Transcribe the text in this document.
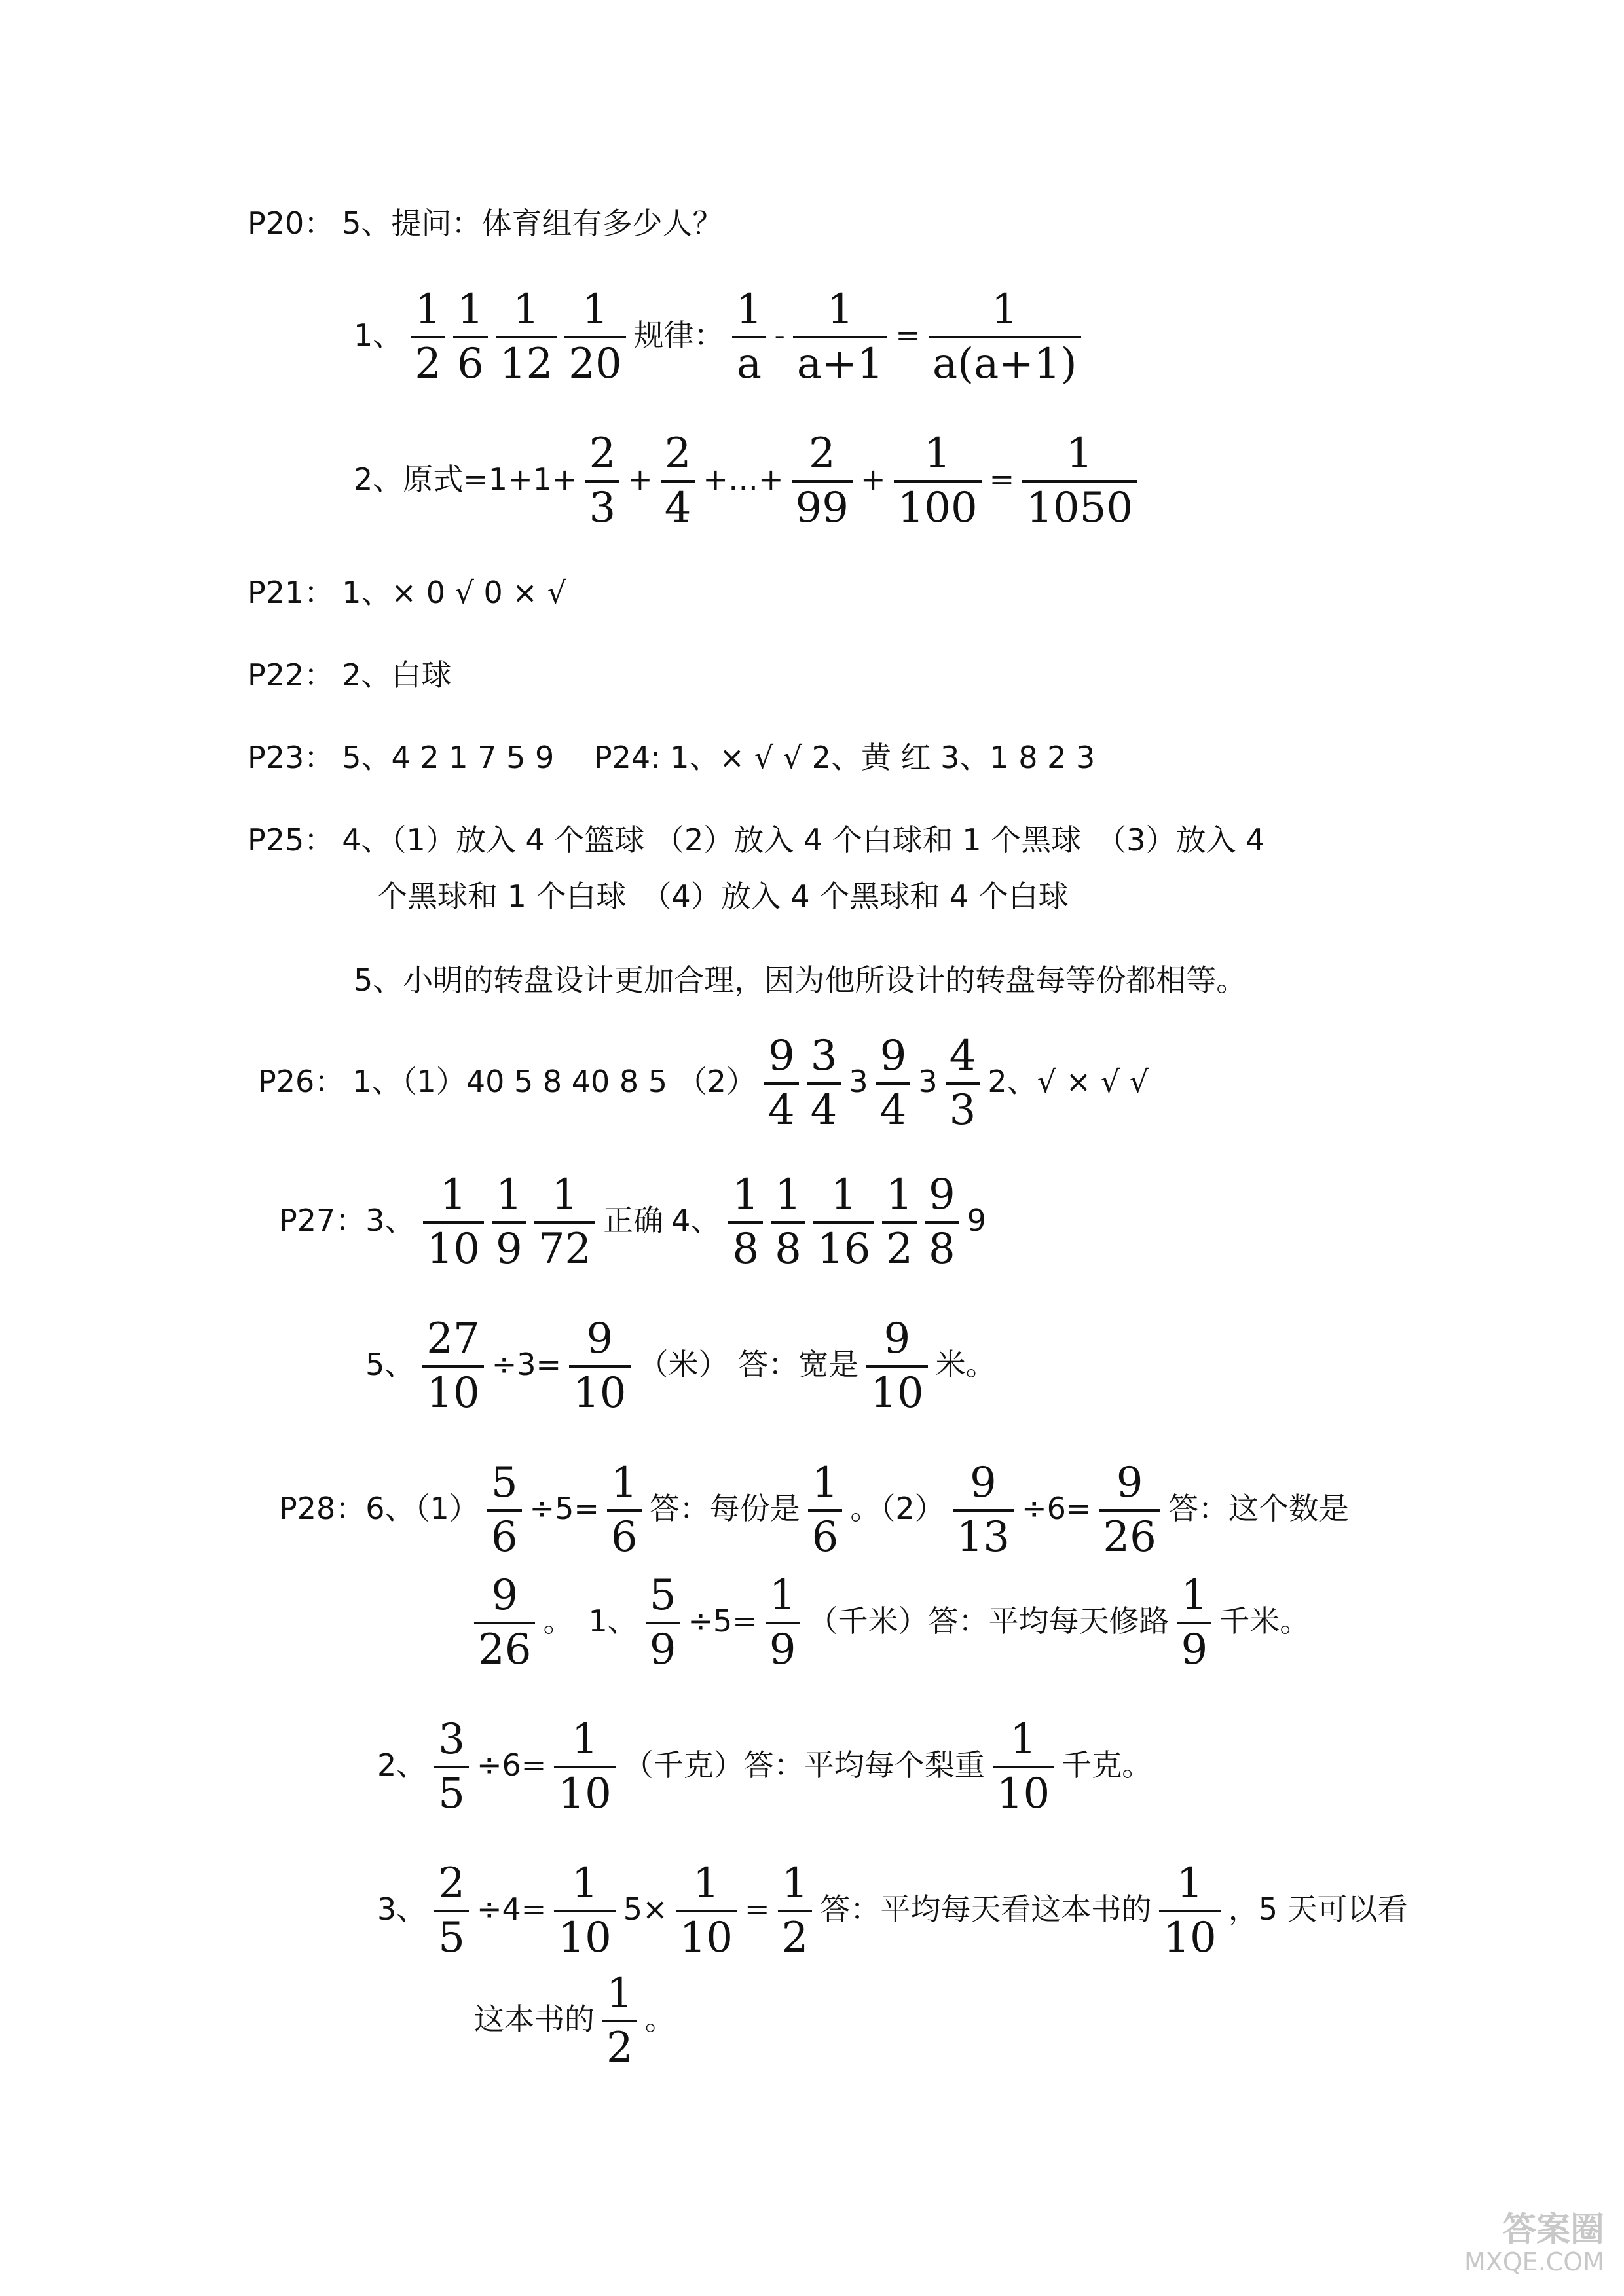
P20： 5、提问：体育组有多少人？
1、 $\frac{1}{2} \frac{1}{6} \frac{1}{12} \frac{1}{20}$ 规律： $\frac{1}{a} - \frac{1}{a+1} = \frac{1}{a(a+1)}$
2、原式$=1+1+ \frac{2}{3} + \frac{2}{4}$ +…+ $\frac{2}{99} + \frac{1}{100} = \frac{1}{1050}$
P21： 1、× 0 √ 0 × √
P22： 2、白球
P23： 5、4 2 1 7 5 9　 P24: 1、× √ √ 2、黄 红 3、1 8 2 3
P25： 4、（1）放入 4 个篮球 （2）放入 4 个白球和 1 个黑球　（3）放入 4
个黑球和 1 个白球　（4）放入 4 个黑球和 4 个白球
5、小明的转盘设计更加合理，因为他所设计的转盘每等份都相等。
P26： 1、（1）40 5 8 40 8 5 $(2) \frac{9}{4} \frac{3}{4} 3 \frac{9}{4} 3 \frac{4}{3} 2$、√ × √ √
P27：3、 $\frac{1}{10} \frac{1}{9} \frac{1}{72}$ 正确 4、 $\frac{1}{8} \frac{1}{8} \frac{1}{16} \frac{1}{2} \frac{9}{8} 9$
5、 $\frac{27}{10} \div 3= \frac{9}{10}$ （米） 答：宽是 $\frac{9}{10}$ 米。
P28：6、$(1) \frac{5}{6} \div 5= \frac{1}{6}$ 答：每份是 $\frac{1}{6}$ 。$(2) \frac{9}{13} \div 6= \frac{9}{26}$ 答：这个数是
$\frac{9}{26}$ 。　1、 $\frac{5}{9} \div 5= \frac{1}{9}$ （千米）答：平均每天修路 $\frac{1}{9}$ 千米。
2、 $\frac{3}{5} \div 6= \frac{1}{10}$ （千克）答：平均每个梨重 $\frac{1}{10}$ 千克。
3、 $\frac{2}{5} \div 4= \frac{1}{10} 5\times \frac{1}{10} = \frac{1}{2}$ 答：平均每天看这本书的 $\frac{1}{10}$ ，5 天可以看
这本书的 $\frac{1}{2}$ 。
答案圈
MXQE.COM
